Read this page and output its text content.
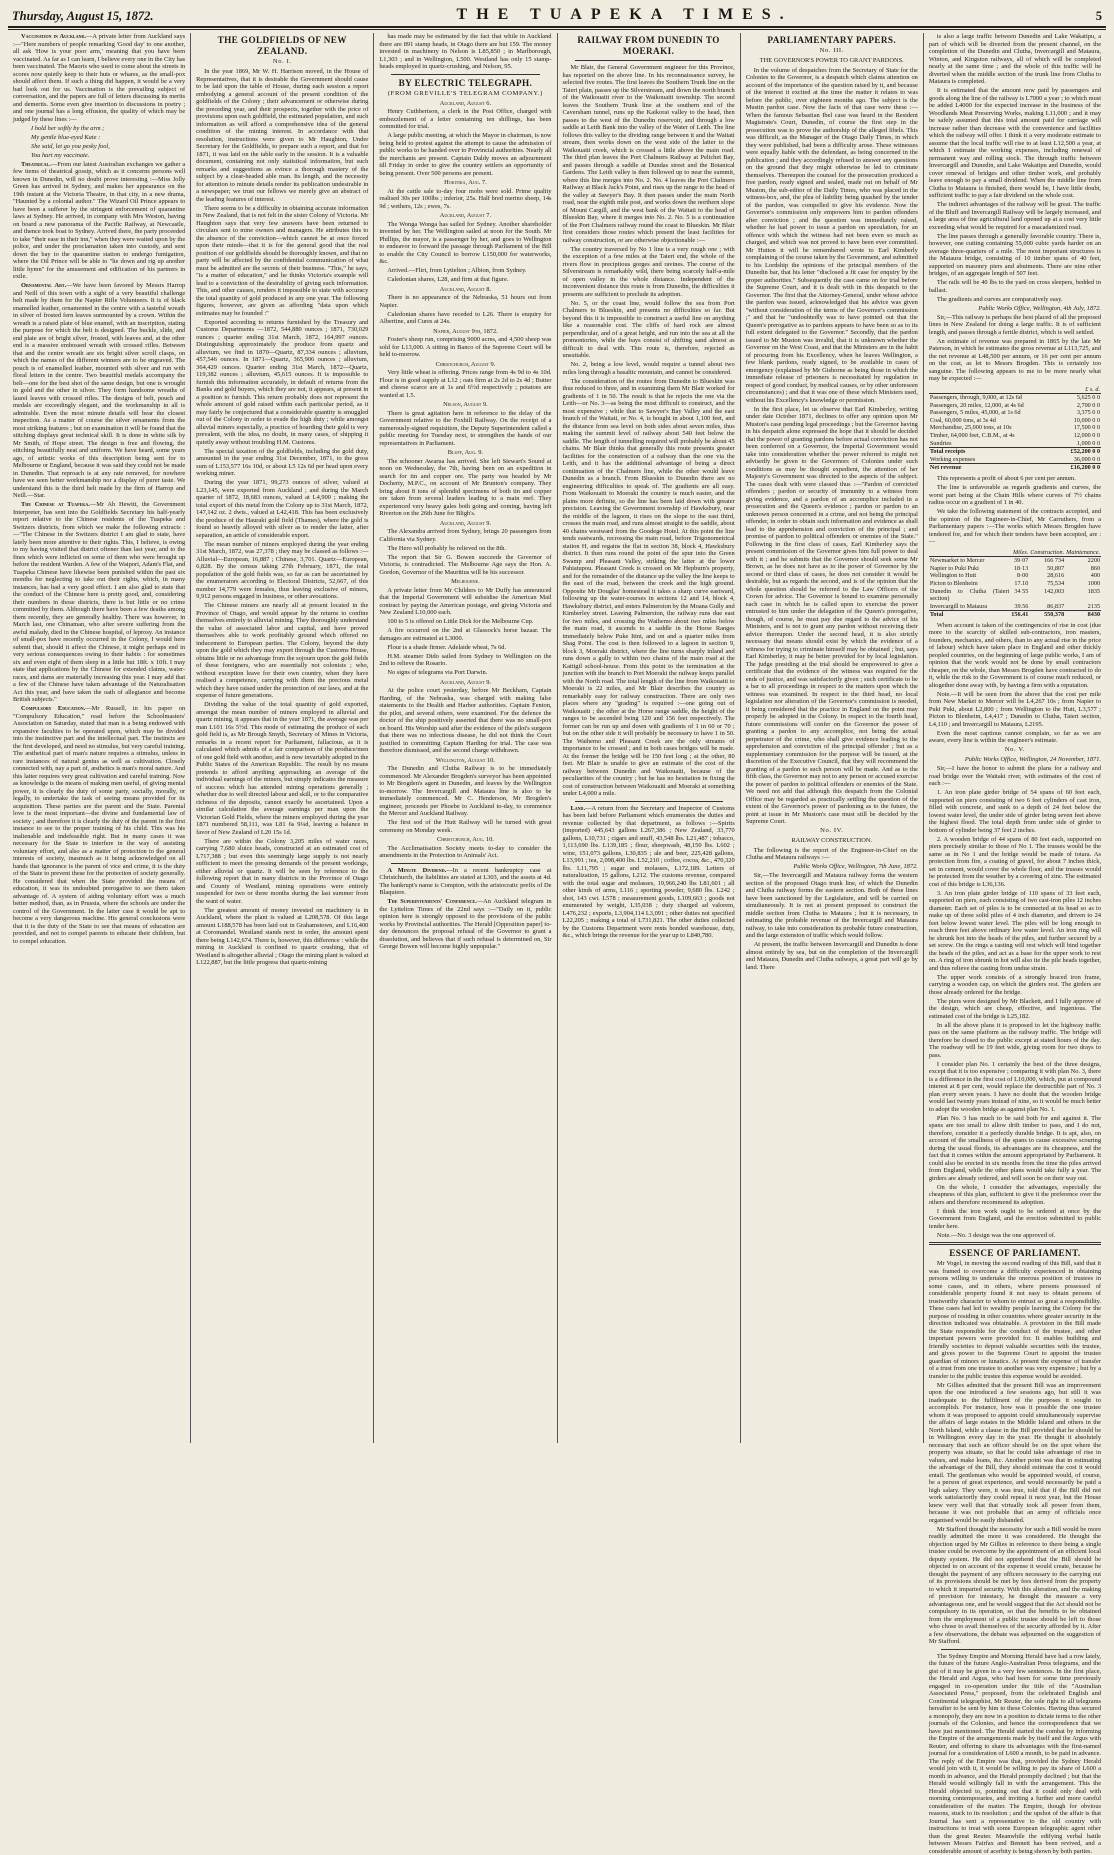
Thursday, August 15, 1872.	THE TUAPEKA TIMES.	5

Vaccination in Auckland.—A private letter from Auckland says :—"Here numbers of people remarking 'Good day' to one another, all ask 'How is your poor arm,' meaning that you have been vaccinated. As far as I can learn, I believe every one in the City has been vaccinated. The Maoris who used to come about the streets in scores now quietly keep to their huts or whares, as the small-pox should affect them. If such a thing did happen, it would be a very bad look out for us. Vaccination is the prevailing subject of conversation, and the papers are full of letters discussing its merits and demerits. Some even give insertion to discussions in poetry ; and one journal has a long effusion, the quality of which may be judged by these lines :—

I hold her softly by the arm ;

My gentle blue-eyed Kate :

She said, let go you pesky fool,

You hurt my vaccinate.

Theatrical.—From our latest Australian exchanges we gather a few items of theatrical gossip, which as it concerns persons well known in Dunedin, will no doubt prove interesting :—Miss Jolly Green has arrived in Sydney, and makes her appearance on the 19th instant at the Victoria Theatre, in that city, in a new drama, "Haunted by a colonial author." The Wizard Oil Prince appears to have been a sufferer by the stringent enforcement of quarantine laws at Sydney. He arrived, in company with Mrs Weston, having on board a new panorama of the Pacific Railway, at Newcastle, and thence took boat to Sydney. Arrived there, the party proceeded to take "their ease in their inn," when they were waited upon by the police, and under the proclamation taken into custody, and sent down the bay to the quarantine station to undergo fumigation, where the Oil Prince will be able to "lie down and rig up another little hymn" for the amusement and edification of his partners in exile.

Ornamental Art.—We have been favored by Messrs Harrop and Neill of this town with a sight of a very beautiful challenge belt made by them for the Napier Rifle Volunteers. It is of black enamelled leather, ornamented in the centre with a tasteful wreath in silver of frosted fern leaves surmounted by a crown. Within the wreath is a raised plate of blue enamel, with an inscription, stating the purpose for which the belt is designed. The buckle, slide, and end plate are of bright silver, frosted, with leaves and, at the other end is a massive embossed wreath with crossed rifles. Between that and the centre wreath are six bright silver scroll clasps, on which the names of the different winners are to be engraved. The pouch is of enamelled leather, mounted with silver and run with floral letters in the centre. Two beautiful medals accompany the belt—one for the best shot of the same design, but one is wrought in gold and the other in silver. They form handsome wreaths of laurel leaves with crossed rifles. The designs of belt, pouch and medals are exceedingly elegant, and the workmanship in all is admirable. Even the most minute details will bear the closest inspection. As a matter of course the silver ornaments from the most striking features ; but on examination it will be found that the stitching displays great technical skill. It is done in white silk by Mr Smith, of Hope street. The design is free and flowing, the stitching beautifully neat and uniform. We have heard, some years ago, of artistic works of this description being sent for to Melbourne or England, because it was said they could not be made in Dunedin. That reproach is at any rate removed, for nowhere have we seen better workmanship nor a display of purer taste. We understand this is the third belt made by the firm of Harrop and Neill.—Star.

The Chinese at Tuapeka.—Mr Ah Hewitt, the Government Interpreter, has sent into the Goldfields Secretary his half-yearly report relative to the Chinese residents of the Tuapeka and Switzers districts, from which we make the following extracts :—"The Chinese in the Switzers district I am glad to state, have lately been more attentive to their rights. This, I believe, is owing to my having visited that district oftener than last year, and to the fines which were inflicted on some of them who were brought up before the resident Warden. A few of the Waipori, Adam's Flat, and Tuapeka Chinese have likewise been punished within the past six months for neglecting to take out their rights, which, in many instances, has had a very good effect. I am also glad to state that the conduct of the Chinese here is pretty good, and, considering their numbers in those districts, there is but little or no crime committed by them. Although there have been a few deaths among them recently, they are generally healthy. There was however, in March last, one Chinaman, who after severe suffering from the awful malady, died in the Chinese hospital, of leprosy. An instance of small-pox have recently occurred in the Colony, I would here submit that, should it affect the Chinese, it might perhaps end in very serious consequences owing to their habits : for sometimes six and even eight of them sleep in a little hut 18ft. x 10ft. I may state that applications by the Chinese for extended claims, water-races, and dams are materially increasing this year. I may add that a few of the Chinese have taken advantage of the Naturalisation Act this year, and have taken the oath of allegiance and become British subjects."

Compulsory Education.—Mr Russell, in his paper on "Compulsory Education," read before the Schoolmasters' Association on Saturday, stated that man is a being endowed with expansive faculties to be operated upon, which may be divided into the instinctive part and the intellectual part. The instincts are the first developed, and need no stimulus, but very careful training. The æsthetical part of man's nature requires a stimulus, unless in rare instances of natural genius as well as cultivation. Closely connected with, nay a part of, æsthetics is man's moral nature. And this latter requires very great cultivation and careful training. Now as knowledge is the means of making men useful, of giving mental power, it is clearly the duty of some party, socially, morally, or legally, to undertake the task of seeing means provided for its acquisition. These parties are the parent and the State. Parental love is the most important—the divine and fundamental law of society ; and therefore it is clearly the duty of the parent in the first instance to see to the proper training of his child. This was his inalienable and indefeasible right. But in many cases it was necessary for the State to interfere in the way of assisting voluntary effort, and also as a matter of protection to the general interests of society, inasmuch as it being acknowledged on all hands that ignorance is the parent of vice and crime, it is the duty of the State to prevent these for the protection of society generally. He considered that when the State provided the means of education, it was its undoubted prerogative to see them taken advantage of. A system of aiding voluntary effort was a much better method, than, as in Prussia, where the schools are under the control of the Government. In the latter case it would be apt to become a very dangerous machine. His general conclusions were that it is the duty of the State to see that means of education are provided, and not to compel parents to educate their children, but to compel education.

THE GOLDFIELDS OF NEW ZEALAND.
No. I.

In the year 1869, Mr W. H. Harrison moved, in the House of Representatives, that it is desirable the Government should cause to be laid upon the table of House, during each session a report embodying a general account of the present condition of the goldfields of the Colony ; their advancement or otherwise during the preceding year, and their prospects, together with the price of provisions upon each goldfield, the estimated population, and such information as will afford a comprehensive idea of the general condition of the mining interest. In accordance with that resolution, instructions were given to Mr Haughton, Under Secretary for the Goldfields, to prepare such a report, and that for 1871, it was laid on the table early in the session. It is a valuable document, containing not only statistical information, but such remarks and suggestions as evince a thorough mastery of the subject by a clear-headed able man. Its length, and the necessity for attention to minute details render its publication undesirable in a newspaper; we trust our fellows we merely give an abstract of the leading features of interest.

There seems to be a difficulty in obtaining accurate information in New Zealand, that is not felt in the sister Colony of Victoria. Mr Haughton says that very few answers have been returned to circulars sent to mine owners and managers. He attributes this to the absence of the conviction—which cannot be at once forced upon their minds—that it is for the general good that the real position of our goldfields should be thoroughly known, and that no party will be affected by the confidential communication of what must be admitted are the secrets of their business. "This," he says, "is a matter of education," and he thinks Victoria's example will lead to a conviction of the desirability of giving such information. This, and other causes, renders it impossible to state with accuracy the total quantity of gold produced in any one year. The following figures, however, are given as affording "data upon which estimates may be founded :"

Exported according to returns furnished by the Treasury and Customs Departments —1872, 544,880 ounces ; 1871, 730,029 ounces ; quarter ending 31st March, 1872, 164,997 ounces. Distinguishing approximately the produce from quartz and alluvium, we find in 1870—Quartz, 87,334 ounces ; alluvium, 457,546 ounces. In 1871—Quartz, 365,906 ounces ; alluvium, 364,429 ounces. Quarter ending 31st March, 1872—Quartz, 119,382 ounces ; alluvium, 45,615 ounces. It is impossible to furnish this information accurately, in default of returns from the Banks and gold buyers, which they are not, it appears, at present in a position to furnish. This return probably does not represent the whole amount of gold raised within each particular period, as it may fairly be conjectured that a considerable quantity is smuggled out of the Colony in order to evade the high duty ; while amongst alluvial miners especially, a practice of hoarding their gold is very prevalent, with the idea, no doubt, in many cases, of shipping it quietly away without troubling H.M. Customs.

The special taxation of the goldfields, including the gold duty, amounted in the year ending 31st December, 1871, to the gross sum of L153,577 16s 10d, or about L5 12s 6d per head upon every working miner.

During the year 1871, 99,273 ounces of silver, valued at L23,145, were exported from Auckland ; and during the March quarter of 1872, 18,683 ounces, valued at L4,900 ; making the total export of this metal from the Colony up to 31st March, 1872, 147,142 oz. 2 dwts., valued at L42,418. This has been exclusively the produce of the Hauraki gold field (Thames), where the gold is found so heavily alloyed with silver as to render the latter, after separation, an article of considerable export.

The mean number of miners employed during the year ending 31st March, 1872, was 27,378 ; they may be classed as follows :—Alluvial—European, 16,887 ; Chinese, 3,701. Quartz—European, 6,828. By the census taking 27th February, 1871, the total population of the gold fields was, so far as can be ascertained by the enumerators according to Electoral Districts, 52,667, of this number 14,779 were females, thus leaving exclusive of miners, 9,912 persons engaged in business, or other avocations.

The Chinese miners are nearly all at present located in the Province of Otago, and would appear by the returns to confine themselves entirely to alluvial mining. They thoroughly understand the value of associated labor and capital, and have proved themselves able to work profitably ground which offered no inducement to European parties. The Colony, beyond the duty upon the gold which they may export through the Customs House, obtains little or no advantage from the sojourn upon the gold fields of these foreigners, who are essentially not colonists ; who, without exception leave for their own country, when they have realised a competence, carrying with them the precious metal which they have raised under the protection of our laws, and at the expense of future generations.

Dividing the value of the total quantity of gold exported, amongst the mean number of miners employed in alluvial and quartz mining, it appears that in the year 1871, the average was per man L101 16s 5½d. This mode of estimating the produce of each gold field is, as Mr Brough Smyth, Secretary of Mines in Victoria, remarks in a recent report for Parliament, fallacious, as it is calculated which admits of a fair comparison of the produce/men of one gold field with another, and is now invariably adopted in the Public States of the American Republic. The result by no means pretends to afford anything approaching an average of the individual earnings of the miners, but simply indicates the measure of success which has attended mining operations generally ; whether due to well directed labour and skill, or to the comparative richness of the deposits, cannot exactly be ascertained. Upon a similar calculation the average earnings per man upon the Victorian Gold Fields, where the miners employed during the year 1871 numbered 58,111, was L81 6s 9¼d, leaving a balance in favor of New Zealand of L20 15s 1d.

There are within the Colony 3,205 miles of water races, carrying 7,680 sluice heads, constructed at an estimated cost of L717,388 ; but even this seemingly large supply is not nearly sufficient to meet the pressing demands of the present workings, either alluvial or quartz. It will be seen by reference to the following report that in many districts in the Province of Otago and County of Westland, mining operations were entirely suspended for two or three months during the last summer from the want of water.

The greatest amount of money invested on machinery is in Auckland, where the plant is valued at L208,578. Of this large amount L188,578 has been laid out in Grahamstown, and L16,400 at Coromandel. Westland stands next in order, the amount spent there being L142,674. There is, however, this difference : while the mining in Auckland is confined to quartz crushing, that of Westland is altogether alluvial ; Otago the mining plant is valued at L122,887, but the little progress that quartz-mining

has made may be estimated by the fact that while in Auckland there are 891 stamp heads, in Otago there are but 159. The money invested in machinery in Nelson is L85,850 ; in Marlborough, L1,303 ; and in Wellington, L500. Westland has only 15 stamp-heads employed in quartz-crushing, and Nelson, 95.

BY ELECTRIC TELEGRAPH.
(FROM GREVILLE'S TELEGRAM COMPANY.)
Auckland, August 6.

Henry Cuthbertson, a clerk in the Post Office, charged with embezzlement of a letter containing ten shillings, has been committed for trial.

A large public meeting, at which the Mayor in chairman, is now being held to protest against the attempt to cause the admission of public works to be handed over to Provincial authorities. Nearly all the merchants are present. Captain Daldy moves an adjournment till Friday in order to give the country settlers an opportunity of being present. Over 500 persons are present.

Hokitika, Aug. 7.

At the cattle sale to-day four mobs were sold. Prime quality realised 30s per 100lbs ; inferior, 25s. Half bred merino sheep, 14s 9d ; wethers, 12s ; ewes, 7s.

Auckland, August 7.

The Wonga Wonga has sailed for Sydney. Another shareholder invented by her. The Wellington sailed at noon for the South. Mr Phillips, the mayor, is a passenger by her, and goes to Wellington to endeavor to forward the passage through Parliament of the Bill to enable the City Council to borrow L150,000 for waterworks, &c.

Arrived.—Flirt, from Lyttelton ; Albion, from Sydney.

Caledonian shares, L28, and firm at that figure.

Auckland, August 8.

There is no appearance of the Nebraska, 51 hours out from Napier.

Caledonian shares have receded to L26. There is enquiry for Albertine, and Cures at 24s.

Napier, August 9th, 1872.

Foster's sheep run, comprising 9000 acres, and 4,500 sheep was sold for L13,000. A sitting in Banco of the Supreme Court will be held to-morrow.

Christchurch, August 9.

Very little wheat is offering. Prices range from 4s 9d to 4s 10d. Flour is in good supply at L12 ; oats firm at 2s 2d to 2s 4d ; Butter and cheese scarce are at 1s and 6½d respectively ; potatoes are wanted at 1.5.

Nelson, August 9.

There is great agitation here in reference to the delay of the Government relative to the Foxhill Railway. On the receipt of a numerously-signed requisition, the Deputy Superintendent called a public meeting for Tuesday next, to strengthen the hands of our representatives in Parliament.

Bluff, Aug. 9.

The schooner Awarua has arrived. She left Stewart's Sound at noon on Wednesday, the 7th, having been on an expedition in search for tin and copper ore. The party was headed by Mr Docherty, M.P.C., on account of Mr Brunton's company. They bring about 8 tons of splendid specimens of both tin and copper ore taken from several leaders leading to a main reef. They experienced very heavy gales both going and coming, having left Riverton on the 26th June for Bligh's.

Auckland, August 9.

The Alexandra arrived from Sydney, brings 20 passengers from California via Sydney.

The Hero will probably be relieved on the 8th.

The report that Sir G. Bowen succeeds the Governor of Victoria, is contradicted. The Melbourne Age says the Hon. A. Gordon, Governor of the Mauritius will be his successor.

Melbourne.

A private letter from Mr Childers to Mr Duffy has announced that the Imperial Government will subsidise the American Mail contract by paying the American postage, and giving Victoria and New Zealand L10,000 each.

100 to 5 is offered on Little Dick for the Melbourne Cup.

A fire occurred on the 2nd at Glassock's horse bazaar. The damages are estimated at L3000.

Flour is a shade firmer. Adelaide wheat, 7s 6d.

H.M. steamer Dido sailed from Sydney to Wellington on the 2nd to relieve the Rosario.

No signs of telegrams via Port Darwin.

Auckland, August 9.

At the police court yesterday, before Mr Beckham, Captain Harding, of the Nebraska, was charged with making false statements to the Health and Harbor authorities. Captain Fenton, the pilot, and several others, were examined. For the defence the doctor of the ship positively asserted that there was no small-pox on board. His Worship said after the evidence of the pilot's surgeon that there was no infectious disease, he did not think the Court justified in committing Captain Harding for trial. The case was therefore dismissed, and the second charge withdrawn.

Wellington, August 10.

The Dunedin and Clutha Railway is to be immediately commenced. Mr Alexander Brogden's surveyor has been appointed to Mr Brogden's agent in Dunedin, and leaves by the Wellington to-morrow. The Invercargill and Mataura line is also to be immediately commenced. Mr C. Henderson, Mr Brogden's engineer, proceeds per Phoebe to Auckland to-day, to commence the Mercer and Auckland Railway.

The first sod of the Hutt Railway will be turned with great ceremony on Monday week.

Christchurch, Aug. 10.

The Acclimatisation Society meets to-day to consider the amendments in the Protection to Animals' Act.

A Minute Dividend.—In a recent bankruptcy case at Christchurch, the liabilities are stated at L303, and the assets at 4d. The bankrupt's name is Compton, with the aristocratic prefix of De Blaquiere.

The Superintendents' Conference.—An Auckland telegram in the Lyttelton Times of the 22nd says :—"Daily on it, public opinion here is strongly opposed to the provisions of the public works by Provincial authorities. The Herald [Opposition paper] to-day denounces the proposal refusal of the Governor to grant a dissolution, and believes that if such refusal is determined on, Sir George Bowen will become highly unpopular."

RAILWAY FROM DUNEDIN TO MOERAKI.

Mr Blair, the General Government engineer for this Province, has reported on the above line. In his reconnaissance survey, he selected five routes. The first leaves the Southern Trunk line on the Taieri plain, passes up the Silverstream, and down the north branch of the Waikouaiti river to the Waikouaiti township. The second leaves the Southern Trunk line at the southern end of the Caversham tunnel, runs up the Kaikorai valley to the head, then passes to the west of the Dunedin reservoir, and through a low saddle at Leith Bank into the valley of the Water of Leith. The line follows this valley to the dividing range between it and the Waitati stream, then works down on the west side of the latter to the Waikouaiti creek, which is crossed a little above the main road. The third plan leaves the Port Chalmers Railway at Pelichet Bay, and passes through a saddle at Dundas street and the Botanical Gardens. The Leith valley is then followed up to near the summit, where this line merges into No. 2. No. 4 leaves the Port Chalmers Railway at Black Jack's Point, and rises up the range to the head of the valley at Sawyer's Bay. It then passes under the main North road, near the eighth mile post, and works down the northern slope of Mount Cargill, and the west bank of the Waitati to the head of Blueskin Bay, where it merges into No. 2. No. 5 is a continuation of the Port Chalmers railway round the coast to Blueskin. Mr Blair first considers those routes which present the least facilities for railway construction, or are otherwise objectionable :—

The country traversed by No 1 line is a very rough one ; with the exception of a few miles at the Taieri end, the whole of the rivers flow in precipitous gorges and ravines. The course of the Silverstream is remarkably wild, there being scarcely half-a-mile of open valley in the whole distance. Independent of the inconvenient distance this route is from Dunedin, the difficulties it presents are sufficient to preclude its adoption.

No. 5, or the coast line, would follow the sea from Port Chalmers to Blueskin, and presents no difficulties so far. But beyond this it is impossible to construct a useful line on anything like a reasonable cost. The cliffs of hard rock are almost perpendicular, and of a great height, and run into the sea at all the promontories, while the bays consist of shifting sand almost as difficult to deal with. This route is, therefore, rejected as unsuitable.

No. 2, being a low level, would require a tunnel about two miles long through a basaltic mountain, and cannot be considered.

The consideration of the routes from Dunedin to Blueskin was thus reduced to three, and in examining them Mr Blair worked for gradients of 1 in 50. The result is that he rejects the one via the Leith—or No. 3—as being the most difficult to construct, and the most expensive ; while that to Sawyer's Bay Valley and the east branch of the Waitati, or No. 4, is bought in about 1,100 feet, and the distance from sea level on both sides about seven miles, thus making the summit level of railway about 540 feet below the saddle. The length of tunnelling required will probably be about 45 chains. Mr Blair thinks that generally this route presents greater facilities for the construction of a railway than the one via the Leith, and it has the additional advantage of being a direct continuation of the Chalmers line, while the other would leave Dunedin as a branch. From Blueskin to Dunedin there are no engineering difficulties to speak of. The gradients are all easy. From Waikouaiti to Moeraki the country is much easier, and the plains more definite, so the line has been laid down with greater precision. Leaving the Government township of Hawksbury, near the middle of the lagoon, it rises on the slope to the east third, crosses the main road, and runs almost straight to the saddle, about 40 chains westward from the Goodege Hotel. At this point the line tends eastwards, recrossing the main road, before Trigonometrical station H, and regains the flat in section 38, block 4, Hawksbury district. It then runs round the point of the spur into the Green Swamp and Pleasant Valley, striking the latter at the lower Pahiatupou. Pleasant Creek is crossed on Mr Hepburn's property, and for the remainder of the distance up the valley the line keeps to the east of the road, between the creek and the high ground. Opposite Mr Douglas' homestead it takes a sharp curve eastward, following up the water-courses in sections 12 and 14, block 4, Hawksbury district, and enters Palmerston by the Moana Gully and Kimberley street. Leaving Palmerston, the railway runs due east for two miles, and crossing the Waihemo about two miles below the main road, it ascends to a saddle in the Horse Ranges immediately below Puke Itini, and on and a quarter miles from Shag Point. The cost is then followed to a lagoon in section 9, block 3, Moeraki district, where the line turns sharply inland and runs down a gully to within two chains of the main road at the Kattigil school-house. From this point to the termination at the junction with the branch to Port Moeraki the railway keeps parallel with the North road. The total length of the line from Waikouaiti to Moeraki is 22 miles, and Mr Blair describes the country as remarkably easy for railway construction. There are only two places where any "grading" is required :—one going out of Waikouaiti ; the other at the Horse range saddle, the height of the ranges to be ascended being 120 and 156 feet respectively. The former can be run up and down with gradients of 1 in 60 or 70 ; but on the other side it will probably be necessary to have 1 in 50. The Waihemo and Pleasant Creek are the only streams of importance to be crossed ; and in both cases bridges will be made. At the former the bridge will be 150 feet long ; at the other, 80 feet. Mr Blair is unable to give an estimate of the cost of the railway between Dunedin and Waikouaiti, because of the peculiarities of the country ; but he has no hesitation in fixing the cost of construction between Waikouaiti and Moeraki at something under L4,000 a mile.

Land.—A return from the Secretary and Inspector of Customs has been laid before Parliament which enumerates the duties and revenue collected by that department, as follows :—Spirits (imported) 445,643 gallons L267,386 ; New Zealand, 33,770 gallons, L10,731 ; cigars and snuff, 43,548 lbs. L21,487 ; tobacco, 1,113,690 lbs. L139,185 ; flour, sheepwash, 48,150 lbs. L602 ; wine, 151,073 gallons, L30,835 ; ale and beer, 225,428 gallons, L13,991 ; tea, 2,098,400 lbs. L52,210 ; coffee, cocoa, &c., 470,320 lbs. L11,795 ; sugar and molasses, L172,189. Letters of naturalization, 15 gallons, L212. The customs revenue, compared with the total sugar and molasses, 19,966,240 lbs L81,601 ; all other kinds of arms, L116 ; sporting powder, 9,680 lbs. L242 ; shot, 143 cwt. L578 ; measurement goods, L109,663 ; goods not enumerated by weight, L35,038 ; duty charged ad valorem, L476,232 ; exports, L3,904,114 L3,091 ; other duties not specified L22,205 ; making a total of L731,821. The other duties collected by the Customs Department were rents bonded warehouse, duty, &c., which brings the revenue for the year up to L840,780.

PARLIAMENTARY PAPERS.
No. III.
THE GOVERNOR'S POWER TO GRANT PARDONS.

In the volume of despatches from the Secretary of State for the Colonies to the Governor, is a despatch which claims attention on account of the importance of the question raised by it, and because of the interest it excited at the time the matter it relates to was before the public, over eighteen months ago. The subject is the Mustin pardon case. Now the facts of that case were these :—When the famous Sebastian Ibel case was heard in the Resident Magistrate's Court, Dunedin, of course the first step in the prosecution was to prove the authorship of the alleged libels. This was difficult, as the Manager of the Otago Daily Times, in which they were published, had been a difficulty arose. These witnesses were equally liable with the defendant, as being concerned in the publication ; and they accordingly refused to answer any questions on the ground that they might otherwise be led to criminate themselves. Thereupon the counsel for the prosecution produced a free pardon, ready signed and sealed, made out on behalf of Mr Muston, the sub-editor of the Daily Times, who was placed in the witness-box, and, the plea of liability being quashed by the tender of the pardon, was compelled to give his evidence. Now the Governor's commission only empowers him to pardon offenders after conviction ; and the question was immediately raised, whether he had power to issue a pardon on speculation, for an offence with which the witness had not been even so much as charged, and which was not proved to have been ever committed. Mr Hutton it will be remembered wrote to Earl Kimberly complaining of the course taken by the Government, and submitted to his Lordship the opinions of the principal members of the Dunedin bar, that his letter "disclosed a fit case for enquiry by the proper authorities." Subsequently the case came on for trial before the Supreme Court, and it is dealt with in this despatch to the Governor. The first that the Attorney-General, under whose advice the pardon was issued, acknowledged that his advice was given "without consideration of the terms of the Governor's commission ;" and that he "undoubtedly was to have pointed out that the Queen's prerogative as to pardons appears to have been so as to its full extent delegated to the Governor." Secondly, that the pardon issued to Mr Muston was invalid, that it is unknown whether the Governor on the West Coast, and that the Ministers are in the habit of procuring from his Excellency, when he leaves Wellington, a few blank pardons, ready signed, to be available in cases of emergency (explained by Mr Gisborne as being those in which the immediate release of prisoners is necessitated by regulation in respect of good conduct, by medical causes, or by other unforeseen circumstances) ; and that it was one of these which Ministers used, without his Excellency's knowledge or permission.

In the first place, let us observe that Earl Kimberley, writing under date October 1871, declines to offer any opinion upon Mr Muston's case pending legal proceedings ; but the Governor having in his despatch alone expressed the hope that it should be decided that the power of granting pardons before actual conviction has not been conferred on a Governor, the Imperial Government would take into consideration whether the power referred to might not advisedly be given to the Governors of Colonies under such conditions as may be thought expedient, the attention of her Majesty's Government was directed to the aspects of the subject. The cases dealt with were classed thus :—"Pardon of convicted offenders ; pardon or security of immunity to a witness from giving evidence, and a pardon of an accomplice included in a prosecution and the Queen's evidence ; pardon or pardon to an unknown person concerned in a crime, and not being the principal offender, in order to obtain such information and evidence as shall lead to the apprehension and conviction of the principal ; and promise of pardon to political offenders or enemies of the State." Following in the first class of cases, Earl Kimberley says the present commission of the Governor gives him full power to deal with it ; and he submits that the Governor should seek some Mr Brown, as he does not have as to the power of Governor by the second or third class of cases, he does not consider it would be desirable, but as regards the second, and is of the opinion that the whole question should be referred to the Law Officers of the Crown for advice. The Governor is bound to examine personally each case in which he is called upon to exercise the power entrusted to him under the delegation of the Queen's prerogative, though, of course, he must pay due regard to the advice of his Ministers, and is not to grant any pardon without receiving their advice thereupon. Under the second head, it is also strictly necessary that means should exist by which the evidence of a witness for trying to criminate himself may be obtained ; but, says Earl Kimberley, it may be better provided for by local legislation. The judge presiding at the trial should be empowered to give a certificate that the evidence of the witness was required for the ends of justice, and was satisfactorily given ; such certificate to be a bar to all proceedings in respect to the matters upon which the witness was examined. In respect to the third head, no local legislation nor alteration of the Governor's commission is needed, it being considered that the practice in England on the point may properly be adopted in the Colony. In respect to the fourth head, future commissions will confer on the Governor the power of granting a pardon to any accomplice, not being the actual perpetrator of the crime, who shall give evidence leading to the apprehension and conviction of the principal offender ; but as a supplementary commission for the purpose will be issued, at the discretion of the Executive Council, that they will recommend the granting of a pardon to such person will be made. And as to the fifth class, the Governor may not to any person or accused exercise the power of pardon to political offenders or enemies of the State. We need not add that although this despatch from the Colonial Office may be regarded as practically settling the question of the extent of the Governor's power of pardoning as to the future, the point at issue in Mr Muston's case must still be decided by the Supreme Court.

No. IV.
RAILWAY CONSTRUCTION.

The following is the report of the Engineer-in-Chief on the Clutha and Mataura railways :—

Public Works Office, Wellington, 7th June, 1872.

Sir,—The Invercargill and Mataura railway forms the western section of the proposed Otago trunk line, of which the Dunedin and Clutha railway forms the eastern section. Both of these lines have been sanctioned by the Legislature, and will be carried on simultaneously. It is not at present proposed to construct the middle section from Clutha to Mataura ; but it is necessary, in estimating the probable revenue of the Invercargill and Mataura railway, to take into consideration its probable future construction, and the large extension of traffic which would follow.

At present, the traffic between Invercargill and Dunedin is done almost entirely by sea, but on the completion of the Invercargill and Mataura, Dunedin and Clutha railways, a great part will go by land. There

is also a large traffic between Dunedin and Lake Wakatipu, a part of which will be diverted from the present channel, on the completion of the Dunedin and Clutha, Invercargill and Mataura, Winton, and Kingston railways, all of which will be completed nearly at the same time ; and the whole of this traffic will be diverted when the middle section of the trunk line from Clutha to Mataura is completed.

It is estimated that the amount now paid by passengers and goods along the line of the railway is L7000 a year ; to which must be added L4000 for the expected increase in the business of the Woodlands Meat Preserving Works, making L11,000 ; and it may be safely assumed that this total amount paid for carriage will increase rather than decrease with the convenience and facilities which the railway will offer. I think it a very moderate estimate to assume that the local traffic will rise to at least L12,500 a year, at which I estimate the working expenses, including renewal of permanent way and rolling stock. The through traffic between Invercargill and Dunedin, and Lake Wakatipu and Dunedin, would cover renewal of bridges and other timber work, and probably leave enough to pay a small dividend. When the middle line from Clutha to Mataura is finished, there would be, I have little doubt, sufficient traffic to pay a fair dividend on the whole cost.

The indirect advantages of the railway will be great. The traffic of the Bluff and Invercargill Railway will be largely increased, and a large area of fine agricultural land opened up at a cost very little exceeding what would be required for a macadamized road.

The line passes through a generally favorable country. There is, however, one cutting containing 55,000 cubic yards harder on an average three-quarters of a mile. The most important structures is the Mataura bridge, consisting of 10 timber spans of 40 feet, supported on masonry piers and abutments. There are nine other bridges, of an aggregate length of 507 feet.

The rails will be 40 lbs to the yard on cross sleepers, bedded in ballast.

The gradients and curves are comparatively easy.

Public Works Office, Wellington, 4th July, 1872.

Sir,—This railway is perhaps the best placed of all the proposed lines in New Zealand for doing a large traffic. It is of sufficient length, and passes through a fertile district, which is well settled.

An estimate of revenue was prepared in 1865 by the late Mr Paterson, in which he estimates the gross revenue at L113,725, and the net revenue at L48,500 per annum, or 16 per cent per annum on the cost, as let to Messrs Brogden. This is certainly too sanguine. The following appears to me to be more nearly what may be expected :—

	£ s. d.
Passengers, through, 9,000, at 12s 6d	5,625 0 0
Passengers, 20 miles, 12,000, at 4s 6d	2,700 0 0
Passengers, 5 miles, 45,000, at 1s 6d	3,375 0 0
Coal, 60,000 tons, at 3s 4d	10,000 0 0
Merchandise, 25,000 tons, at 10s	17,500 0 0
Timber, 64,000 feet, C.B.M., at 4s	12,000 0 0
Sundries	1,000 0 0
Total receipts	£52,200 0 0
Working expenses	36,000 0 0
Net revenue	£16,200 0 0

This represents a profit of about 6 per cent per annum.

The line is unfavorable as regards gradients and curves, the worst part being at the Chain Hills where curves of 7½ chains radius occur on a gradient of 1 in 40.

We take the following statement of the contracts accepted, and the opinion of the Engineer-in-Chief, Mr Carruthers, from a Parliamentary papers :—The works which Messrs Brogden have tendered for, and for which their tenders have been accepted, are :—

	Miles.	Construction.	Maintenance.
Newmarket to Mercer	39·07	166 734	2200
Napier to Puki Puki	18·13	50,807	860
Wellington to Hutt	8·00	28,616	400
Picton to Blenheim	17.10	75,534	1000
Dunedin to Clutha (Taieri section)	34 55	142,003	1835
Invercargill to Mataura	39.56	86,837	2135
Total	156.41	550,378	8430

When account is taken of the contingencies of rise in cost (due more to the scarcity of skilled sub-contractors, iron masters, founders, mechanics, and others, than to any actual rise in the price of labour) which have taken place in England and other thickly peopled countries, on the beginning of large public works, I am of opinion that the work would not be done by small contractors cheaper, on the whole, than Messrs Brogden have contracted to do it, while the risk to the Government is of course much reduced, or altogether done away with, by having a firm with a reputation.

Note.—It will be seen from the above that the cost per mile from New Market to Mercer will be L4,267 10s ; from Napier to Puki Puki, about L2,800 ; from Wellington to the Hutt, L3,577 ; Picton to Blenheim, L4,417 ; Dunedin to Clutha, Taieri section, L4,110 ; and Invercargill to Mataura, L2195.

Even the most captious cannot complain, so far as we are aware, every line is within the engineer's estimate.

No. V.

Public Works Office, Wellington, 24 November, 1871.

Sir,—I have the honor to submit the plans for a railway and road bridge over the Waitaki river, with estimates of the cost of each :—

1. An iron plate girder bridge of 54 spans of 60 feet each, supported on piers consisting of two 6 feet cylinders of cast iron, filled with concrete, and sunk to a depth of 24 feet below the lowest water level, the under side of girder being seven feet above the highest flood. The total depth from under side of girder to bottom of cylinder being 37 feet 2 inches.

2. A wooden bridge of 44 spans of 80 feet each, supported on piers precisely similar to those of No 1. The trusses would be the same as in No 1 and the bridge would be made of totara. As protection from fire, a coating of gravel, for about 7 inches thick, set in cement, would cover the whole floor, and the trusses would be protected from the weather by a covering of zinc. The estimated cost of this bridge is L36,136.

3. An iron plate girder bridge of 110 spans of 33 feet each, supported on piers, each consisting of two cast-iron piles 12 inches diameter. Each set of piles is to be connected at its head so as to make up of three solid piles of 4 inch diameter, and driven to 24 feet below lowest water level. The piles will be long enough to reach three feet above ordinary low water level. An iron ring will be shrunk hot into the heads of the piles, and further secured by a set screw. On the rings a casting will rest which will bind together the heads of the piles, and act as a base for the upper work to rest on. A ring of iron shrunk in hot will also tie the pile heads together, and thus relieve the casting from undue strain.

The upper work consists of a strongly braced iron frame, carrying a wooden cap, on which the girders rest. The girders are those already ordered for the bridge.

The piers were designed by Mr Blackett, and I fully approve of the design, which are cheap, effective, and ingenious. The estimated cost of the bridge is L25,182.

In all the above plans it is proposed to let the highway traffic pass on the same platform as the railway traffic. The bridge will therefore be closed to the public except at stated hours of the day. The roadway will be 19 feet wide, giving room for two drays to pass.

I consider plan No. 1 certainly the best of the three designs, except that it is too expensive ; comparing it with plan No. 3, there is a difference in the first cost of L10,000, which, put at compound interest at 8 per cent, would replace the destructible part of No. 3 plan every seven years. I have no doubt that the wooden bridge would last twenty years instead of nine, so it would be much better to adopt the wooden bridge as against plan No. 1.

Plan No. 3 has much to be said both for and against it. The spans are too small to allow drift timber to pass, and I do not, therefore, consider it a perfectly durable bridge. It is apt, also, on account of the smallness of the spans to cause excessive scouring during the usual floods, its advantages are its cheapness, and the fact that it comes within the amount appropriated by Parliament. It could also be erected in six months from the time the piles arrived from England, while the other plans would take fully a year. The girders are already ordered, and will soon be on their way out.

On the whole, I consider the advantages, especially the cheapness of this plan, sufficient to give it the preference over the others and therefore recommend its adoption.

I think the iron work ought to be ordered at once by the Government from England, and the erection submitted to public tender here.

Note.—No. 3 design was the one approved of.

ESSENCE OF PARLIAMENT.

Mr Vogel, in moving the second reading of this Bill, said that it was framed to overcome a difficulty experienced in obtaining persons willing to undertake the onerous position of trustees in some cases, and in others, where persons possessed of considerable property found it not easy to obtain persons of trustworthy character to whom to entrust so great a responsibility. These cases had led to wealthy people leaving the Colony for the purpose of residing in other countries where greater security in the direction indicated was obtainable. A provision in the Bill made the State responsible for the conduct of the trustee, and other important powers were provided for. It enables building and friendly societies to deposit valuable securities with the trustee, and gives power to the Supreme Court to appoint the trustee guardian of minors or lunatics. At present the expense of transfer of a trust from one trustee to another was very expensive ; but by a transfer to the public trustee this expense would be avoided.

Mr Gillies admitted that the present Bill was an improvement upon the one introduced a few sessions ago, but still it was inadequate to the fulfilment of the purposes it sought to accomplish. For instance, how was it possible the one trustee whom it was proposed to appoint could simultaneously supervise the affairs of large estates in the Middle Island and others in the North Island, while a clause in the Bill provided that he should be in Wellington every day in the year. He thought it absolutely necessary that such an officer should be on the spot where the property was situate, so that he could take advantage of rise in values, and make loans, &c. Another point was that in estimating the advantage of the Bill, they should estimate the cost it would entail. The gentleman who would be appointed would, of course, be a person of great experience, and would necessarily be paid a high salary. They were, it was true, told that if the Bill did not work satisfactorily they could repeal it next year, but the House knew very well that that virtually took all power from them, because it was not probable that an army of officials once organised would be easily disbanded.

Mr Stafford thought the necessity for such a Bill would be more readily admitted the more it was considered. He thought the objection urged by Mr Gillies in reference to there being a single trustee could be overcome by the appointment of an efficient local deputy system. He did not apprehend that the Bill should be objected to on account of the expense it would create, because he thought the payment of any officers necessary to the carrying out of its provisions should be met by fees derived from the property to which it imparted security. With this alteration, and the making of provision for intestacy, he thought the measure a very advantageous one, and he would suggest that the Act should not be compulsory in its operation, so that the benefits to be obtained from the employment of a public trustee should be left to those who chose to avail themselves of the security afforded by it. After a few observations, the debate was adjourned on the suggestion of Mr Stafford.

The Sydney Empire and Morning Herald have had a row lately, the future of the future Anglo-Australian Press telegrams, and the gist of it may be given in a very few sentences. In the first place, the Herald and Argus, who had been for some time previously engaged in co-operation under the title of the "Australian Associated Press," proposed, from the celebrated English and Continental telegraphist, Mr Reuter, the sole right to all telegrams hereafter to be sent by him to these Colonies. Having thus secured a monopoly, they are now in a position to dictate terms to the other journals of the Colonies, and hence the correspondence that we have just mentioned. The Herald started the combat by informing the Empire of the arrangements made by itself and the Argus with Reuter, and offering to share its advantages with the first-named journal for a consideration of L600 a month, to be paid in advance. The reply of the Empire was that, provided the Sydney Herald would join with it, it would be willing to pay its share of L600 a month in advance, and the Herald promptly declined ; but that the Herald would willingly fall in with the arrangement. This the Herald objected to, pointing out that it could only deal with morning contemporaries, and inviting a further and more careful consideration of the matter. The Empire, though for obvious reasons, stuck to its resolution ; and the upshot of the affair is that Journal has sent a representative to the old country with instructions to treat with some European telegraphic agent other than the great Reuter. Meanwhile the edifying verbal battle between Messrs Fairfax and Bennett has been revived, and a considerable amount of acerbity is being shown by both parties.
